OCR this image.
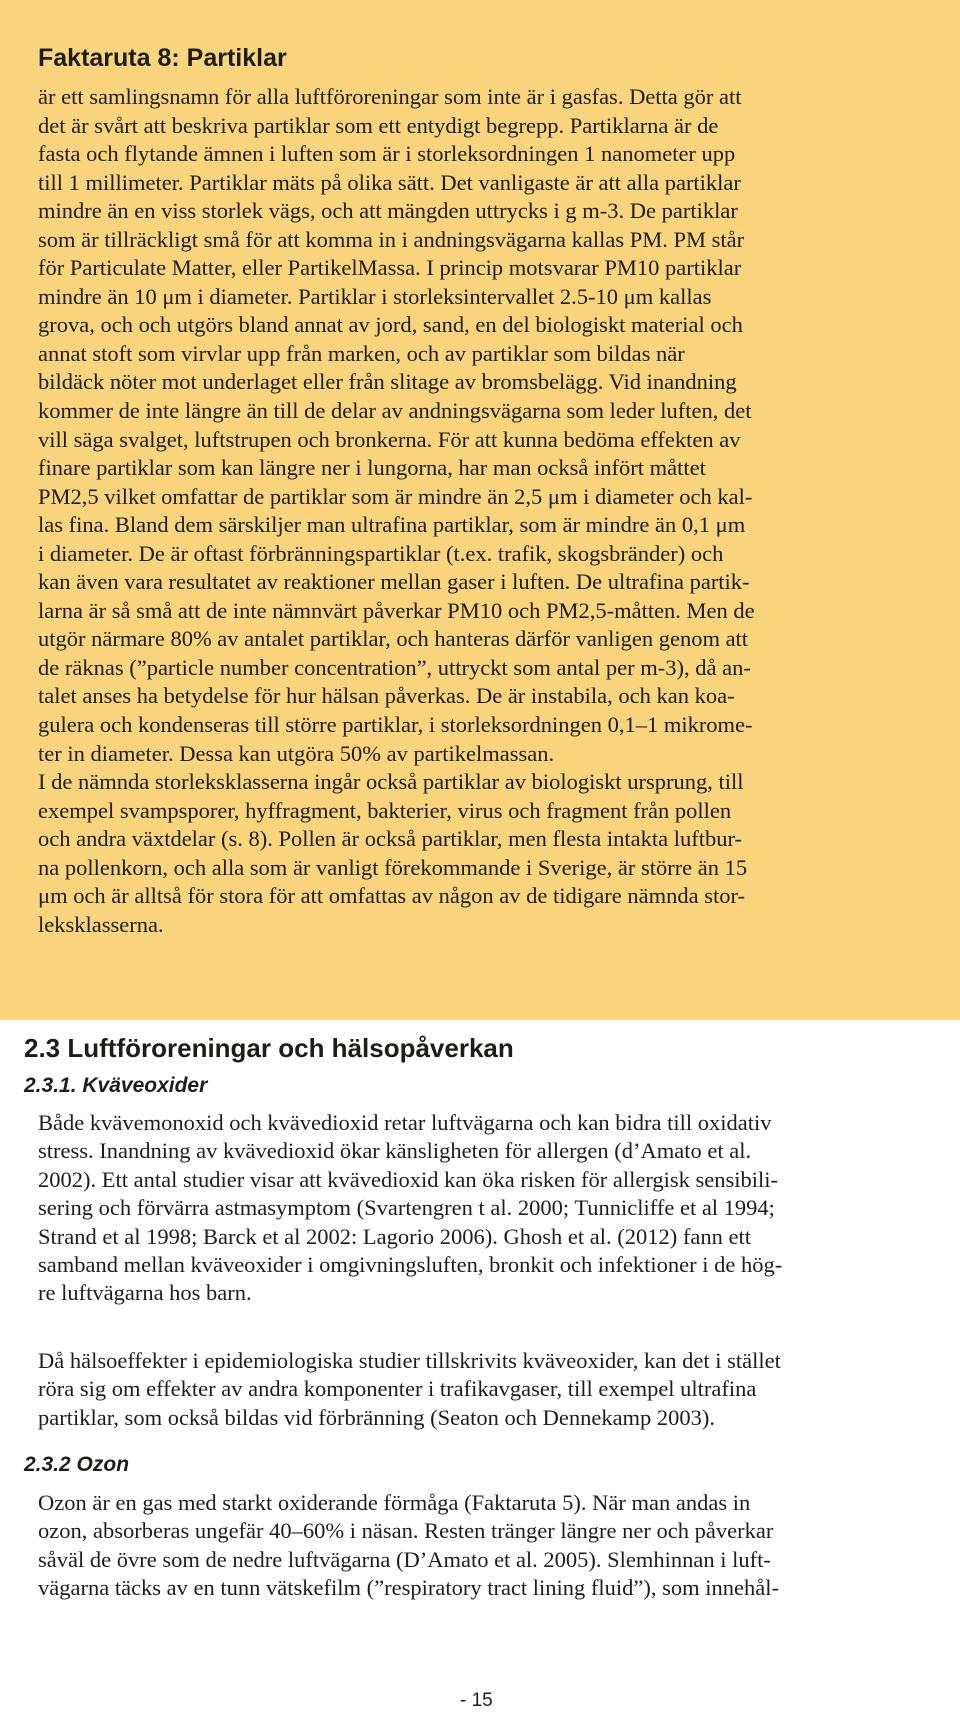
Faktaruta 8: Partiklar
är ett samlingsnamn för alla luftföroreningar som inte är i gasfas. Detta gör att
det är svårt att beskriva partiklar som ett entydigt begrepp. Partiklarna är de
fasta och flytande ämnen i luften som är i storleksordningen 1 nanometer upp
till 1 millimeter. Partiklar mäts på olika sätt. Det vanligaste är att alla partiklar
mindre än en viss storlek vägs, och att mängden uttrycks i g m-3. De partiklar
som är tillräckligt små för att komma in i andningsvägarna kallas PM. PM står
för Particulate Matter, eller PartikelMassa. I princip motsvarar PM10 partiklar
mindre än 10 μm i diameter. Partiklar i storleksintervallet 2.5-10 μm kallas
grova, och och utgörs bland annat av jord, sand, en del biologiskt material och
annat stoft som virvlar upp från marken, och av partiklar som bildas när
bildäck nöter mot underlaget eller från slitage av bromsbelägg. Vid inandning
kommer de inte längre än till de delar av andningsvägarna som leder luften, det
vill säga svalget, luftstrupen och bronkerna. För att kunna bedöma effekten av
finare partiklar som kan längre ner i lungorna, har man också infört måttet
PM2,5 vilket omfattar de partiklar som är mindre än 2,5 μm i diameter och kal-
las fina. Bland dem särskiljer man ultrafina partiklar, som är mindre än 0,1 μm
i diameter. De är oftast förbränningspartiklar (t.ex. trafik, skogsbränder) och
kan även vara resultatet av reaktioner mellan gaser i luften. De ultrafina partik-
larna är så små att de inte nämnvärt påverkar PM10 och PM2,5-måtten. Men de
utgör närmare 80% av antalet partiklar, och hanteras därför vanligen genom att
de räknas (”particle number concentration”, uttryckt som antal per m-3), då an-
talet anses ha betydelse för hur hälsan påverkas. De är instabila, och kan koa-
gulera och kondenseras till större partiklar, i storleksordningen 0,1–1 mikrome-
ter in diameter. Dessa kan utgöra 50% av partikelmassan.
I de nämnda storleksklasserna ingår också partiklar av biologiskt ursprung, till
exempel svampsporer, hyffragment, bakterier, virus och fragment från pollen
och andra växtdelar (s. 8). Pollen är också partiklar, men flesta intakta luftbur-
na pollenkorn, och alla som är vanligt förekommande i Sverige, är större än 15
μm och är alltså för stora för att omfattas av någon av de tidigare nämnda stor-
leksklasserna.
2.3 Luftföroreningar och hälsopåverkan
2.3.1. Kväveoxider
Både kvävemonoxid och kvävedioxid retar luftvägarna och kan bidra till oxidativ
stress. Inandning av kvävedioxid ökar känsligheten för allergen (d’Amato et al.
2002). Ett antal studier visar att kvävedioxid kan öka risken för allergisk sensibili-
sering och förvärra astmasymptom (Svartengren t al. 2000; Tunnicliffe et al 1994;
Strand et al 1998; Barck et al 2002: Lagorio 2006). Ghosh et al. (2012) fann ett
samband mellan kväveoxider i omgivningsluften, bronkit och infektioner i de hög-
re luftvägarna hos barn.
Då hälsoeffekter i epidemiologiska studier tillskrivits kväveoxider, kan det i stället
röra sig om effekter av andra komponenter i trafikavgaser, till exempel ultrafina
partiklar, som också bildas vid förbränning (Seaton och Dennekamp 2003).
2.3.2 Ozon
Ozon är en gas med starkt oxiderande förmåga (Faktaruta 5). När man andas in
ozon, absorberas ungefär 40–60% i näsan. Resten tränger längre ner och påverkar
såväl de övre som de nedre luftvägarna (D’Amato et al. 2005). Slemhinnan i luft-
vägarna täcks av en tunn vätskefilm (”respiratory tract lining fluid”), som innehål-
- 15
